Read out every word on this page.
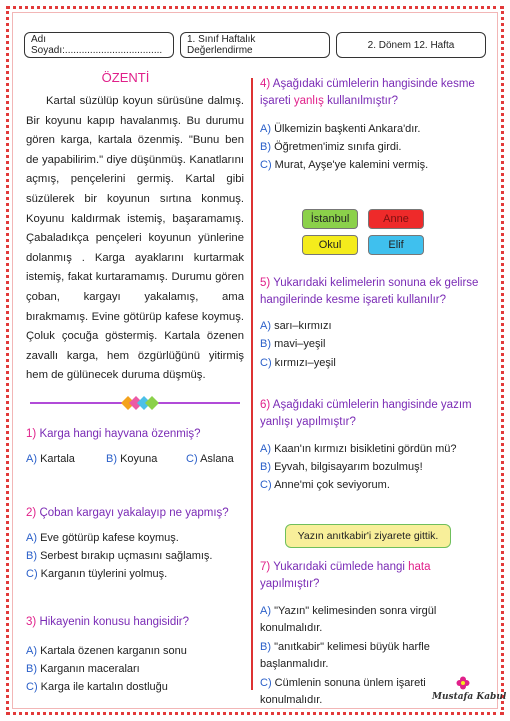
Adı Soyadı:...................................
1. Sınıf Haftalık Değerlendirme	2. Dönem 12. Hafta
ÖZENTİ

Kartal süzülüp koyun sürüsüne dalmış. Bir koyunu kapıp havalanmış. Bu durumu gören karga, kartala özenmiş. "Bunu ben de yapabilirim." diye düşünmüş. Kanatlarını açmış, pençelerini germiş. Kartal gibi süzülerek bir koyunun sırtına konmuş. Koyunu kaldırmak istemiş, başaramamış. Çabaladıkça pençeleri koyunun yünlerine dolanmış . Karga ayaklarını kurtarmak istemiş, fakat kurtaramamış. Durumu gören çoban, kargayı yakalamış, ama bırakmamış. Evine götürüp kafese koymuş. Çoluk çocuğa göstermiş. Kartala özenen zavallı karga, hem özgürlüğünü yitirmiş hem de gülünecek duruma düşmüş.

1) Karga hangi hayvana özenmiş?
A) Kartala	B) Koyuna	C) Aslana
2) Çoban kargayı yakalayıp ne yapmış?
A) Eve götürüp kafese koymuş.
B) Serbest bırakıp uçmasını sağlamış.
C) Karganın tüylerini yolmuş.
3) Hikayenin konusu hangisidir?
A) Kartala özenen karganın sonu
B) Karganın maceraları
C) Karga ile kartalın dostluğu
4) Aşağıdaki cümlelerin hangisinde kesme işareti yanlış kullanılmıştır?
A) Ülkemizin başkenti Ankara'dır.
B) Öğretmen'imiz sınıfa girdi.
C) Murat, Ayşe'ye kalemini vermiş.
İstanbul	Anne
Okul	Elif
5) Yukarıdaki kelimelerin sonuna ek gelirse hangilerinde kesme işareti kullanılır?
A) sarı–kırmızı
B) mavi–yeşil
C) kırmızı–yeşil
6) Aşağıdaki cümlelerin hangisinde yazım yanlışı yapılmıştır?
A) Kaan'ın kırmızı bisikletini gördün mü?
B) Eyvah, bilgisayarım bozulmuş!
C) Anne'mi çok seviyorum.
Yazın anıtkabir'i ziyarete gittik.
7) Yukarıdaki cümlede hangi hata yapılmıştır?
A) "Yazın" kelimesinden sonra virgül konulmalıdır.
B) "anıtkabir" kelimesi büyük harfle başlanmalıdır.
C) Cümlenin sonuna ünlem işareti konulmalıdır.	Mustafa Kabul
